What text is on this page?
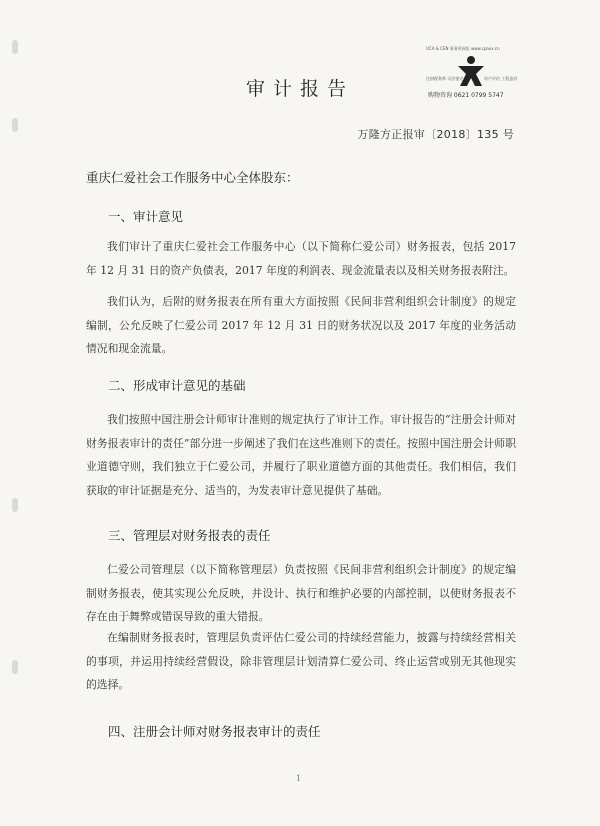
UCA & CEN 事务所网址 www.cpaxx.cn
注册税务师 司法鉴定	资产评估 工程造价
购物咨询 0621 0799 5747
审计报告
万隆方正报审〔2018〕135 号
重庆仁爱社会工作服务中心全体股东：
一、审计意见

我们审计了重庆仁爱社会工作服务中心（以下简称仁爱公司）财务报表，包括 2017 年 12 月 31 日的资产负债表，2017 年度的利润表、现金流量表以及相关财务报表附注。

我们认为，后附的财务报表在所有重大方面按照《民间非营利组织会计制度》的规定编制，公允反映了仁爱公司 2017 年 12 月 31 日的财务状况以及 2017 年度的业务活动情况和现金流量。

二、形成审计意见的基础

我们按照中国注册会计师审计准则的规定执行了审计工作。审计报告的“注册会计师对财务报表审计的责任”部分进一步阐述了我们在这些准则下的责任。按照中国注册会计师职业道德守则，我们独立于仁爱公司，并履行了职业道德方面的其他责任。我们相信，我们获取的审计证据是充分、适当的，为发表审计意见提供了基础。

三、管理层对财务报表的责任

仁爱公司管理层（以下简称管理层）负责按照《民间非营利组织会计制度》的规定编制财务报表，使其实现公允反映，并设计、执行和维护必要的内部控制，以使财务报表不存在由于舞弊或错误导致的重大错报。

在编制财务报表时，管理层负责评估仁爱公司的持续经营能力，披露与持续经营相关的事项，并运用持续经营假设，除非管理层计划清算仁爱公司、终止运营或别无其他现实的选择。

四、注册会计师对财务报表审计的责任
1
